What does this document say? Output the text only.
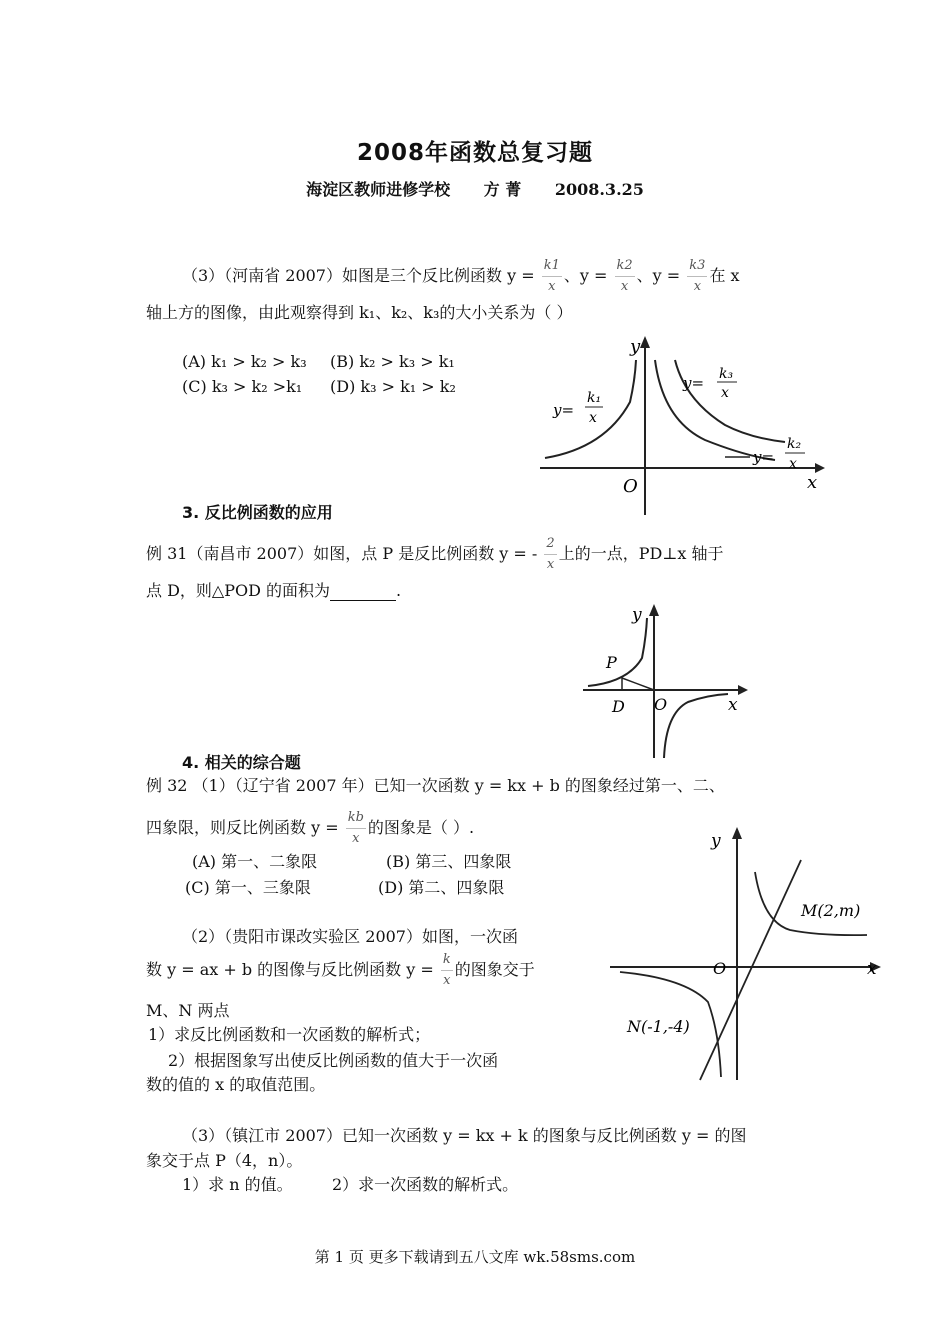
2008年函数总复习题
海淀区教师进修学校 方 菁 2008.3.25
（3）（河南省 2007）如图是三个反比例函数 $y = \frac{k1}{x}$ 、$y = \frac{k2}{x}$ 、$y = \frac{k3}{x}$ 在 x
轴上方的图像，由此观察得到 k₁、k₂、k₃的大小关系为（ ）
(A) k₁ > k₂ > k₃ (B) k₂ > k₃ > k₁
(C) k₃ > k₂ >k₁ (D) k₃ > k₁ > k₂
y
x
O
y=
k₁
x
y= k₃
x
y=
k₂
x
3. 反比例函数的应用
例 31（南昌市 2007）如图，点 P 是反比例函数 y = - $\frac{2}{x}$ 上的一点，PD⊥x 轴于
点 D，则△POD 的面积为	.
y
x
O
P
D
4. 相关的综合题
例 32 （1）（辽宁省 2007 年）已知一次函数 y = kx + b 的图象经过第一、二、
四象限，则反比例函数 $y = \frac{kb}{x}$ 的图象是（ ）.
(A) 第一、二象限	(B) 第三、四象限
(C) 第一、三象限	(D) 第二、四象限
（2）（贵阳市课改实验区 2007）如图，一次函
数 y = ax + b 的图像与反比例函数 $y = \frac{k}{x}$ 的图象交于
M、N 两点
1）求反比例函数和一次函数的解析式；
2）根据图象写出使反比例函数的值大于一次函
数的值的 x 的取值范围。
y
x
O
M(2,m)
N(-1,-4)
（3）（镇江市 2007）已知一次函数 y = kx + k 的图象与反比例函数 y = 的图
象交于点 P（4，n）。
1）求 n 的值。 2）求一次函数的解析式。
第 1 页 更多下载请到五八文库 wk.58sms.com
